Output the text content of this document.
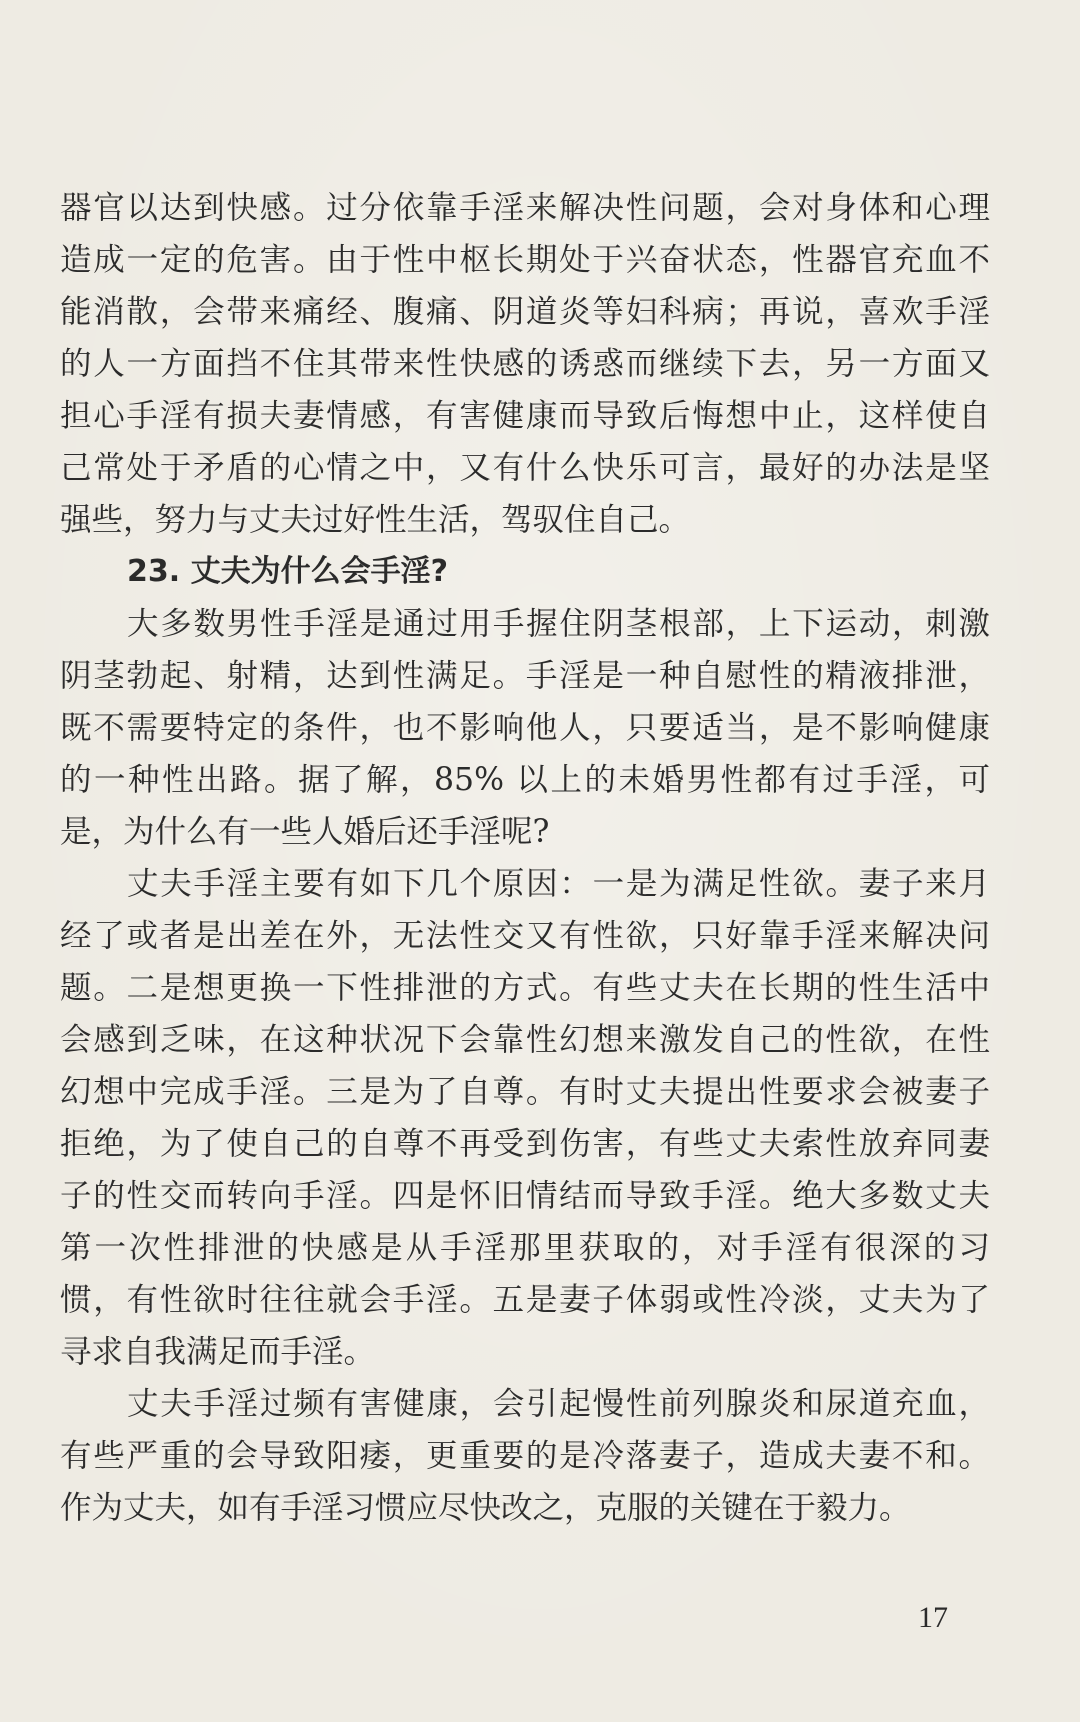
器官以达到快感。过分依靠手淫来解决性问题，会对身体和心理
造成一定的危害。由于性中枢长期处于兴奋状态，性器官充血不
能消散，会带来痛经、腹痛、阴道炎等妇科病；再说，喜欢手淫
的人一方面挡不住其带来性快感的诱惑而继续下去，另一方面又
担心手淫有损夫妻情感，有害健康而导致后悔想中止，这样使自
己常处于矛盾的心情之中，又有什么快乐可言，最好的办法是坚
强些，努力与丈夫过好性生活，驾驭住自己。
23. 丈夫为什么会手淫?
大多数男性手淫是通过用手握住阴茎根部，上下运动，刺激
阴茎勃起、射精，达到性满足。手淫是一种自慰性的精液排泄，
既不需要特定的条件，也不影响他人，只要适当，是不影响健康
的一种性出路。据了解，85% 以上的未婚男性都有过手淫，可
是，为什么有一些人婚后还手淫呢?
丈夫手淫主要有如下几个原因：一是为满足性欲。妻子来月
经了或者是出差在外，无法性交又有性欲，只好靠手淫来解决问
题。二是想更换一下性排泄的方式。有些丈夫在长期的性生活中
会感到乏味，在这种状况下会靠性幻想来激发自己的性欲，在性
幻想中完成手淫。三是为了自尊。有时丈夫提出性要求会被妻子
拒绝，为了使自己的自尊不再受到伤害，有些丈夫索性放弃同妻
子的性交而转向手淫。四是怀旧情结而导致手淫。绝大多数丈夫
第一次性排泄的快感是从手淫那里获取的，对手淫有很深的习
惯，有性欲时往往就会手淫。五是妻子体弱或性冷淡，丈夫为了
寻求自我满足而手淫。
丈夫手淫过频有害健康，会引起慢性前列腺炎和尿道充血，
有些严重的会导致阳痿，更重要的是冷落妻子，造成夫妻不和。
作为丈夫，如有手淫习惯应尽快改之，克服的关键在于毅力。
17
